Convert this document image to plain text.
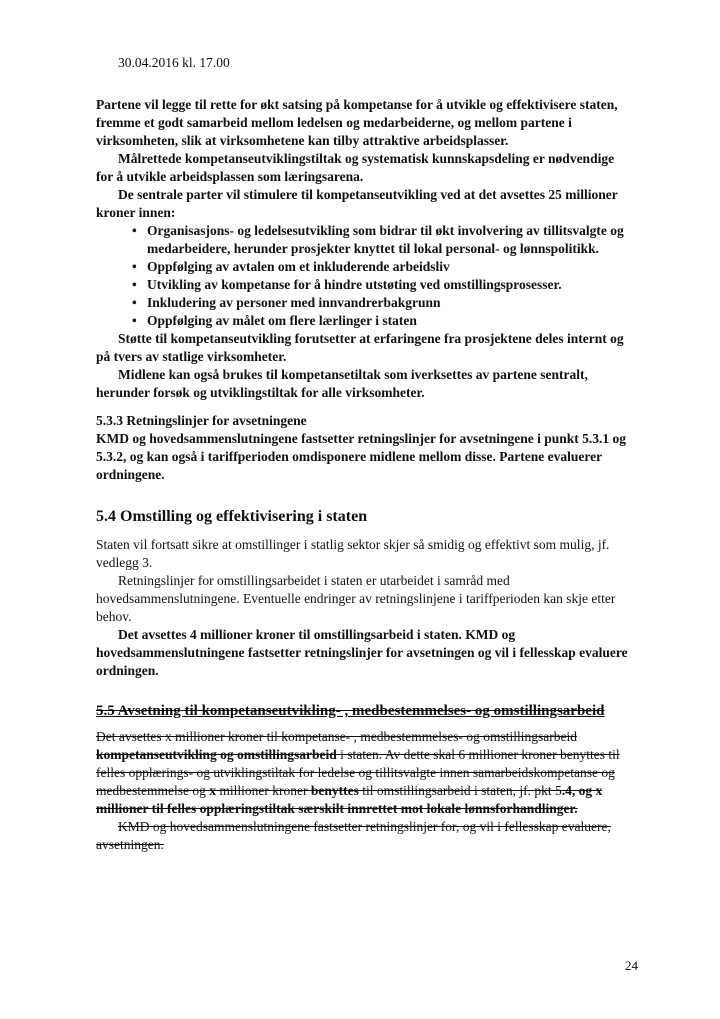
30.04.2016 kl. 17.00

Partene vil legge til rette for økt satsing på kompetanse for å utvikle og effektivisere staten, fremme et godt samarbeid mellom ledelsen og medarbeiderne, og mellom partene i virksomheten, slik at virksomhetene kan tilby attraktive arbeidsplasser.

Målrettede kompetanseutviklingstiltak og systematisk kunnskapsdeling er nødvendige for å utvikle arbeidsplassen som læringsarena.

De sentrale parter vil stimulere til kompetanseutvikling ved at det avsettes 25 millioner kroner innen:

• Organisasjons- og ledelsesutvikling som bidrar til økt involvering av tillitsvalgte og medarbeidere, herunder prosjekter knyttet til lokal personal- og lønnspolitikk.
• Oppfølging av avtalen om et inkluderende arbeidsliv
• Utvikling av kompetanse for å hindre utstøting ved omstillingsprosesser.
• Inkludering av personer med innvandrerbakgrunn
• Oppfølging av målet om flere lærlinger i staten

Støtte til kompetanseutvikling forutsetter at erfaringene fra prosjektene deles internt og på tvers av statlige virksomheter.

Midlene kan også brukes til kompetansetiltak som iverksettes av partene sentralt, herunder forsøk og utviklingstiltak for alle virksomheter.

5.3.3 Retningslinjer for avsetningene

KMD og hovedsammenslutningene fastsetter retningslinjer for avsetningene i punkt 5.3.1 og 5.3.2, og kan også i tariffperioden omdisponere midlene mellom disse. Partene evaluerer ordningene.

5.4 Omstilling og effektivisering i staten

Staten vil fortsatt sikre at omstillinger i statlig sektor skjer så smidig og effektivt som mulig, jf. vedlegg 3.

Retningslinjer for omstillingsarbeidet i staten er utarbeidet i samråd med hovedsammenslutningene. Eventuelle endringer av retningslinjene i tariffperioden kan skje etter behov.

Det avsettes 4 millioner kroner til omstillingsarbeid i staten. KMD og hovedsammenslutningene fastsetter retningslinjer for avsetningen og vil i fellesskap evaluere ordningen.

5.5 Avsetning til kompetanseutvikling- , medbestemmelses- og omstillingsarbeid

Det avsettes x millioner kroner til kompetanse- , medbestemmelses- og omstillingsarbeid kompetanseutvikling og omstillingsarbeid i staten. Av dette skal 6 millioner kroner benyttes til felles opplærings- og utviklingstiltak for ledelse og tillitsvalgte innen samarbeidskompetanse og medbestemmelse og x millioner kroner benyttes til omstillingsarbeid i staten, jf. pkt 5.4, og x millioner til felles opplæringstiltak særskilt innrettet mot lokale lønnsforhandlinger.

KMD og hovedsammenslutningene fastsetter retningslinjer for, og vil i fellesskap evaluere, avsetningen.

24
